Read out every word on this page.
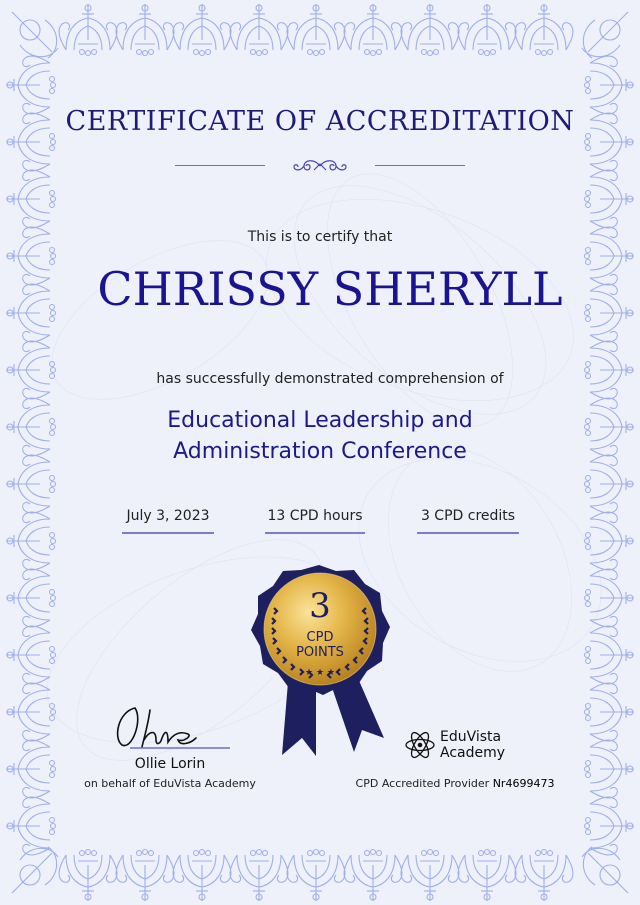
CERTIFICATE OF ACCREDITATION
This is to certify that
CHRISSY SHERYLL
has successfully demonstrated comprehension of
Educational Leadership and
Administration Conference
July 3, 2023	13 CPD hours	3 CPD credits
3
CPD
POINTS
★ ★ ★
Ollie Lorin
on behalf of EduVista Academy
EduVista
Academy
CPD Accredited Provider Nr4699473
